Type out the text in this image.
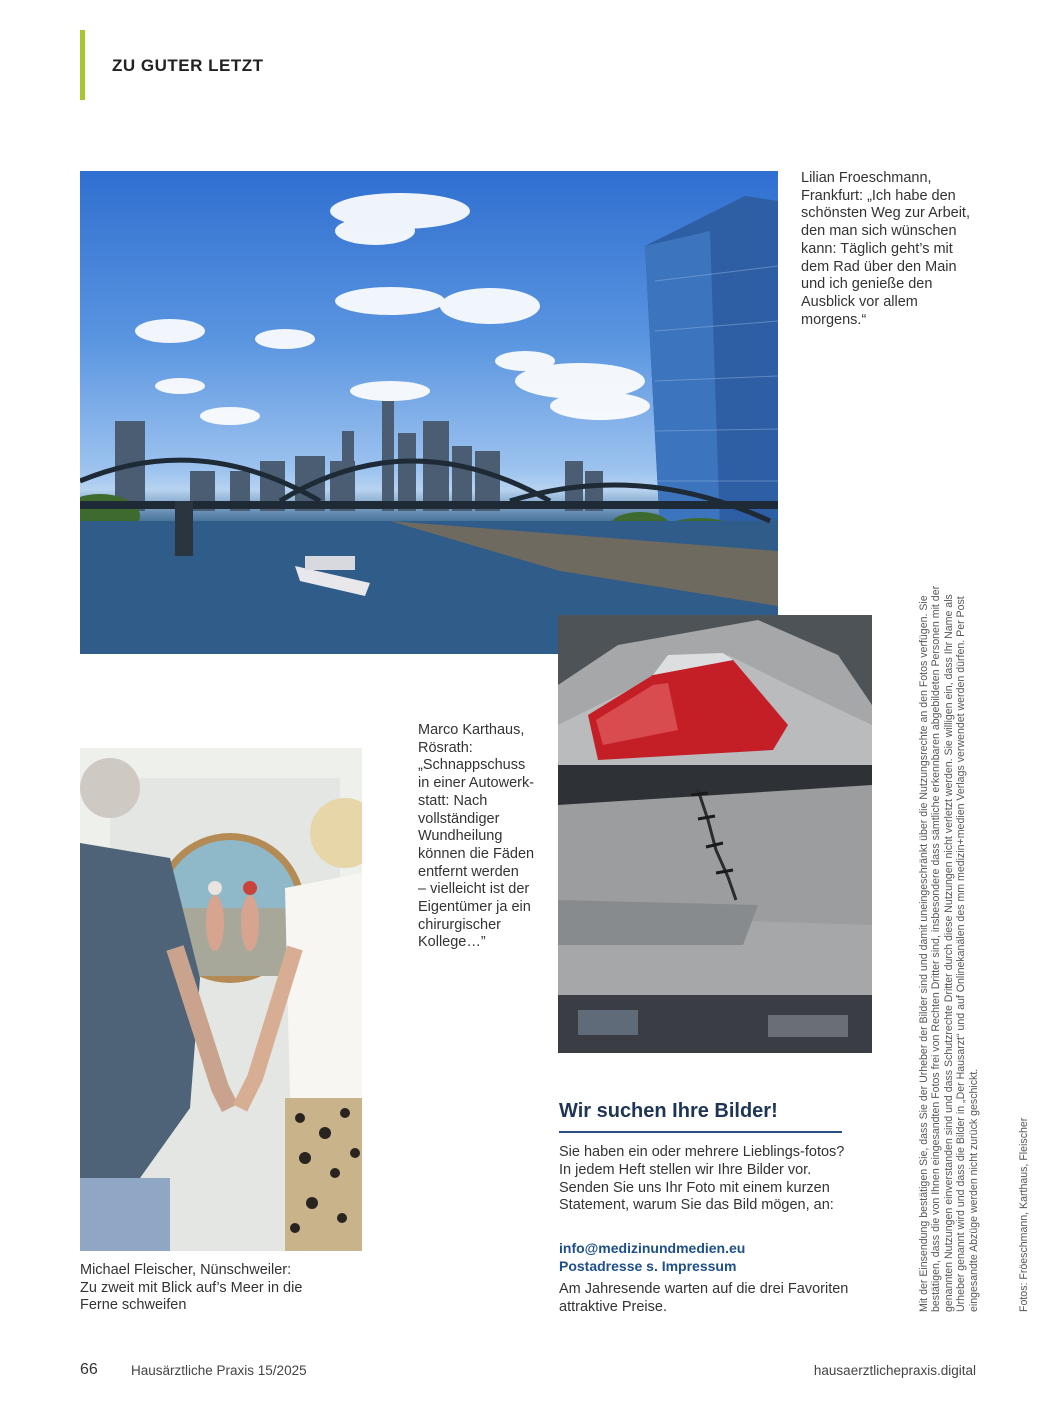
ZU GUTER LETZT
Lilian Froeschmann,
Frankfurt: „Ich habe den
schönsten Weg zur Arbeit,
den man sich wünschen
kann: Täglich geht’s mit
dem Rad über den Main
und ich genieße den
Ausblick vor allem
morgens.“
Marco Karthaus,
Rösrath:
„Schnappschuss
in einer Autowerk-
statt: Nach
vollständiger
Wundheilung
können die Fäden
entfernt werden
– vielleicht ist der
Eigentümer ja ein
chirurgischer
Kollege…”
Michael Fleischer, Nünschweiler:
Zu zweit mit Blick auf’s Meer in die
Ferne schweifen
Wir suchen Ihre Bilder!
Sie haben ein oder mehrere Lieblings-fotos? In jedem Heft stellen wir Ihre Bilder vor. Senden Sie uns Ihr Foto mit einem kurzen Statement, warum Sie das Bild mögen, an:
info@medizinundmedien.eu
Postadresse s. Impressum
Am Jahresende warten auf die drei Favoriten attraktive Preise.	Mit der Einsendung bestätigen Sie, dass Sie der Urheber der Bilder sind und damit uneingeschränkt über die Nutzungsrechte an den Fotos verfügen. Sie bestätigen, dass die von Ihnen eingesandten Fotos frei von Rechten Dritter sind, insbesondere dass sämtliche erkennbaren abgebildeten Personen mit der genannten Nutzungen einverstanden sind und dass Schutzrechte Dritter durch diese Nutzungen nicht verletzt werden. Sie willigen ein, dass Ihr Name als Urheber genannt wird und dass die Bilder in „Der Hausarzt“ und auf Onlinekanälen des mm medizin+medien Verlags verwendet werden dürfen. Per Post eingesandte Abzüge werden nicht zurück geschickt.	Fotos: Fröeschmann, Karthaus, Fleischer
66 Hausärztliche Praxis 15/2025	hausaerztlichepraxis.digital
